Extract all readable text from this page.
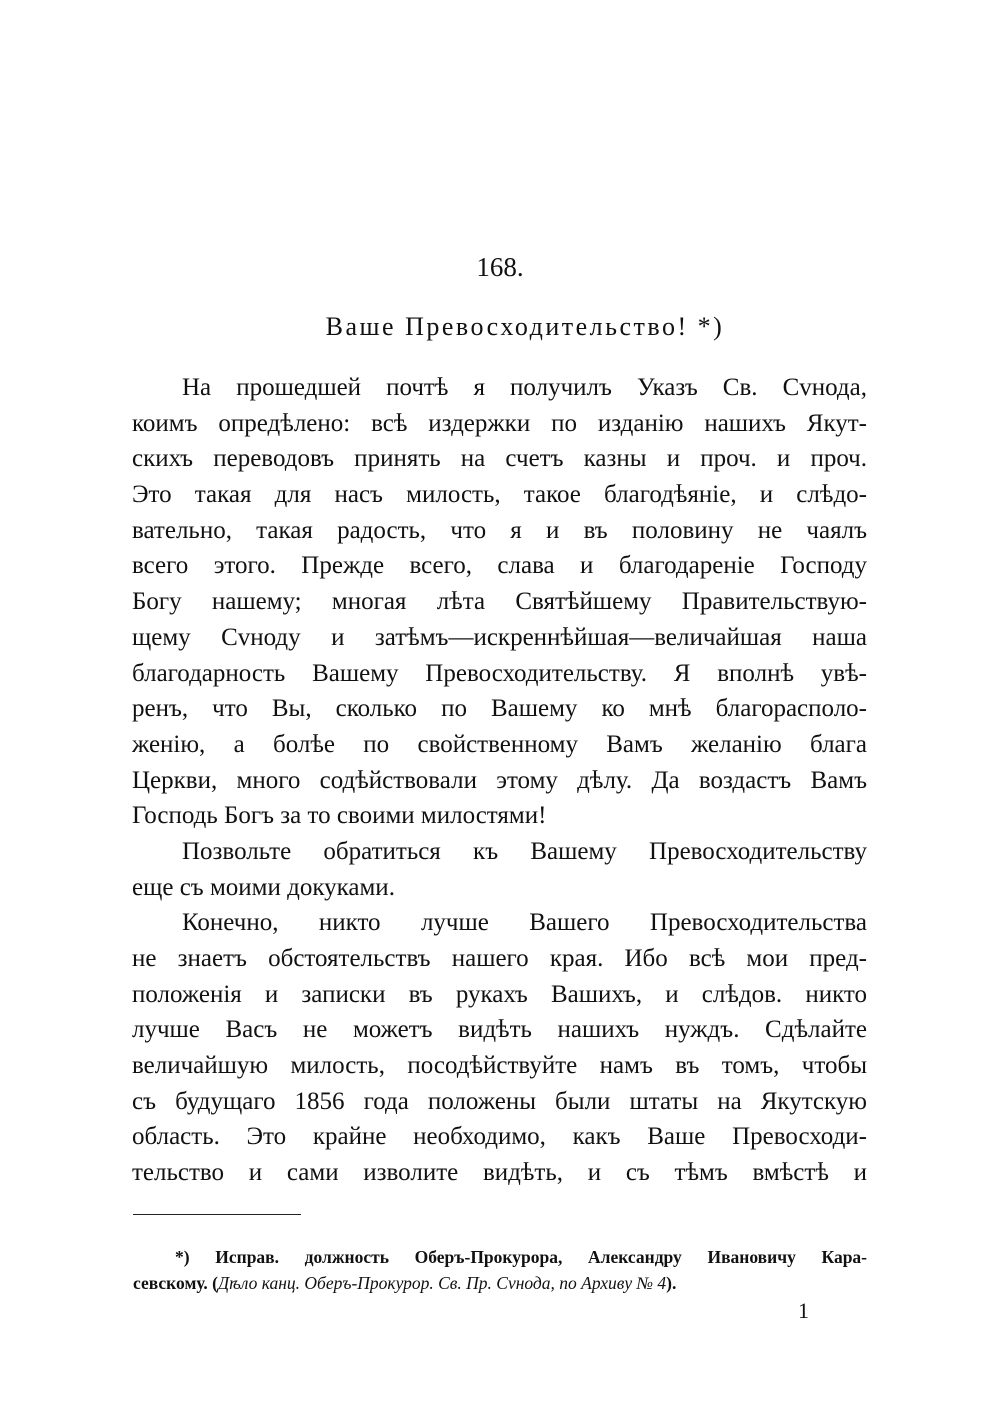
168.
Ваше Превосходительство! *)
На прошедшей почтѣ я получилъ Указъ Св. Сvнода,
коимъ опредѣлено: всѣ издержки по изданію нашихъ Якут-
скихъ переводовъ принять на счетъ казны и проч. и проч.
Это такая для насъ милость, такое благодѣяніе, и слѣдо-
вательно, такая радость, что я и въ половину не чаялъ
всего этого. Прежде всего, слава и благодареніе Господу
Богу нашему; многая лѣта Святѣйшему Правительствую-
щему Сvноду и затѣмъ—искреннѣйшая—величайшая наша
благодарность Вашему Превосходительству. Я вполнѣ увѣ-
ренъ, что Вы, сколько по Вашему ко мнѣ благорасполо-
женію, а болѣе по свойственному Вамъ желанію блага
Церкви, много содѣйствовали этому дѣлу. Да воздастъ Вамъ
Господь Богъ за то своими милостями!
Позвольте обратиться къ Вашему Превосходительству
еще съ моими докуками.
Конечно, никто лучше Вашего Превосходительства
не знаетъ обстоятельствъ нашего края. Ибо всѣ мои пред-
положенія и записки въ рукахъ Вашихъ, и слѣдов. никто
лучше Васъ не можетъ видѣть нашихъ нуждъ. Сдѣлайте
величайшую милость, посодѣйствуйте намъ въ томъ, чтобы
съ будущаго 1856 года положены были штаты на Якутскую
область. Это крайне необходимо, какъ Ваше Превосходи-
тельство и сами изволите видѣть, и съ тѣмъ вмѣстѣ и
*) Исправ. должность Оберъ-Прокурора, Александру Ивановичу Кара-
севскому. (Дѣло канц. Оберъ-Прокурор. Св. Пр. Сvнода, по Архиву № 4).
1
